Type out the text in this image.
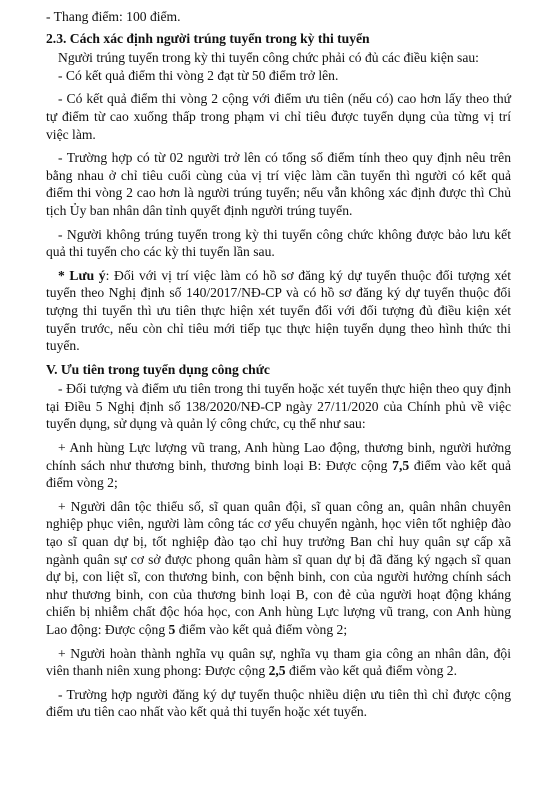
- Thang điểm: 100 điểm.

2.3. Cách xác định người trúng tuyển trong kỳ thi tuyển

Người trúng tuyển trong kỳ thi tuyển công chức phải có đủ các điều kiện sau:

- Có kết quả điểm thi vòng 2 đạt từ 50 điểm trở lên.

- Có kết quả điểm thi vòng 2 cộng với điểm ưu tiên (nếu có) cao hơn lấy theo thứ tự điểm từ cao xuống thấp trong phạm vi chỉ tiêu được tuyển dụng của từng vị trí việc làm.

- Trường hợp có từ 02 người trở lên có tổng số điểm tính theo quy định nêu trên bằng nhau ở chỉ tiêu cuối cùng của vị trí việc làm cần tuyển thì người có kết quả điểm thi vòng 2 cao hơn là người trúng tuyển; nếu vẫn không xác định được thì Chủ tịch Ủy ban nhân dân tỉnh quyết định người trúng tuyển.

- Người không trúng tuyển trong kỳ thi tuyển công chức không được bảo lưu kết quả thi tuyển cho các kỳ thi tuyển lần sau.

* Lưu ý: Đối với vị trí việc làm có hồ sơ đăng ký dự tuyển thuộc đối tượng xét tuyển theo Nghị định số 140/2017/NĐ-CP và có hồ sơ đăng ký dự tuyển thuộc đối tượng thi tuyển thì ưu tiên thực hiện xét tuyển đối với đối tượng đủ điều kiện xét tuyển trước, nếu còn chỉ tiêu mới tiếp tục thực hiện tuyển dụng theo hình thức thi tuyển.

V. Ưu tiên trong tuyển dụng công chức

- Đối tượng và điểm ưu tiên trong thi tuyển hoặc xét tuyển thực hiện theo quy định tại Điều 5 Nghị định số 138/2020/NĐ-CP ngày 27/11/2020 của Chính phủ về việc tuyển dụng, sử dụng và quản lý công chức, cụ thể như sau:

+ Anh hùng Lực lượng vũ trang, Anh hùng Lao động, thương binh, người hưởng chính sách như thương binh, thương binh loại B: Được cộng 7,5 điểm vào kết quả điểm vòng 2;

+ Người dân tộc thiểu số, sĩ quan quân đội, sĩ quan công an, quân nhân chuyên nghiệp phục viên, người làm công tác cơ yếu chuyển ngành, học viên tốt nghiệp đào tạo sĩ quan dự bị, tốt nghiệp đào tạo chỉ huy trưởng Ban chỉ huy quân sự cấp xã ngành quân sự cơ sở được phong quân hàm sĩ quan dự bị đã đăng ký ngạch sĩ quan dự bị, con liệt sĩ, con thương binh, con bệnh binh, con của người hưởng chính sách như thương binh, con của thương binh loại B, con đẻ của người hoạt động kháng chiến bị nhiễm chất độc hóa học, con Anh hùng Lực lượng vũ trang, con Anh hùng Lao động: Được cộng 5 điểm vào kết quả điểm vòng 2;

+ Người hoàn thành nghĩa vụ quân sự, nghĩa vụ tham gia công an nhân dân, đội viên thanh niên xung phong: Được cộng 2,5 điểm vào kết quả điểm vòng 2.

- Trường hợp người đăng ký dự tuyển thuộc nhiều diện ưu tiên thì chỉ được cộng điểm ưu tiên cao nhất vào kết quả thi tuyển hoặc xét tuyển.
